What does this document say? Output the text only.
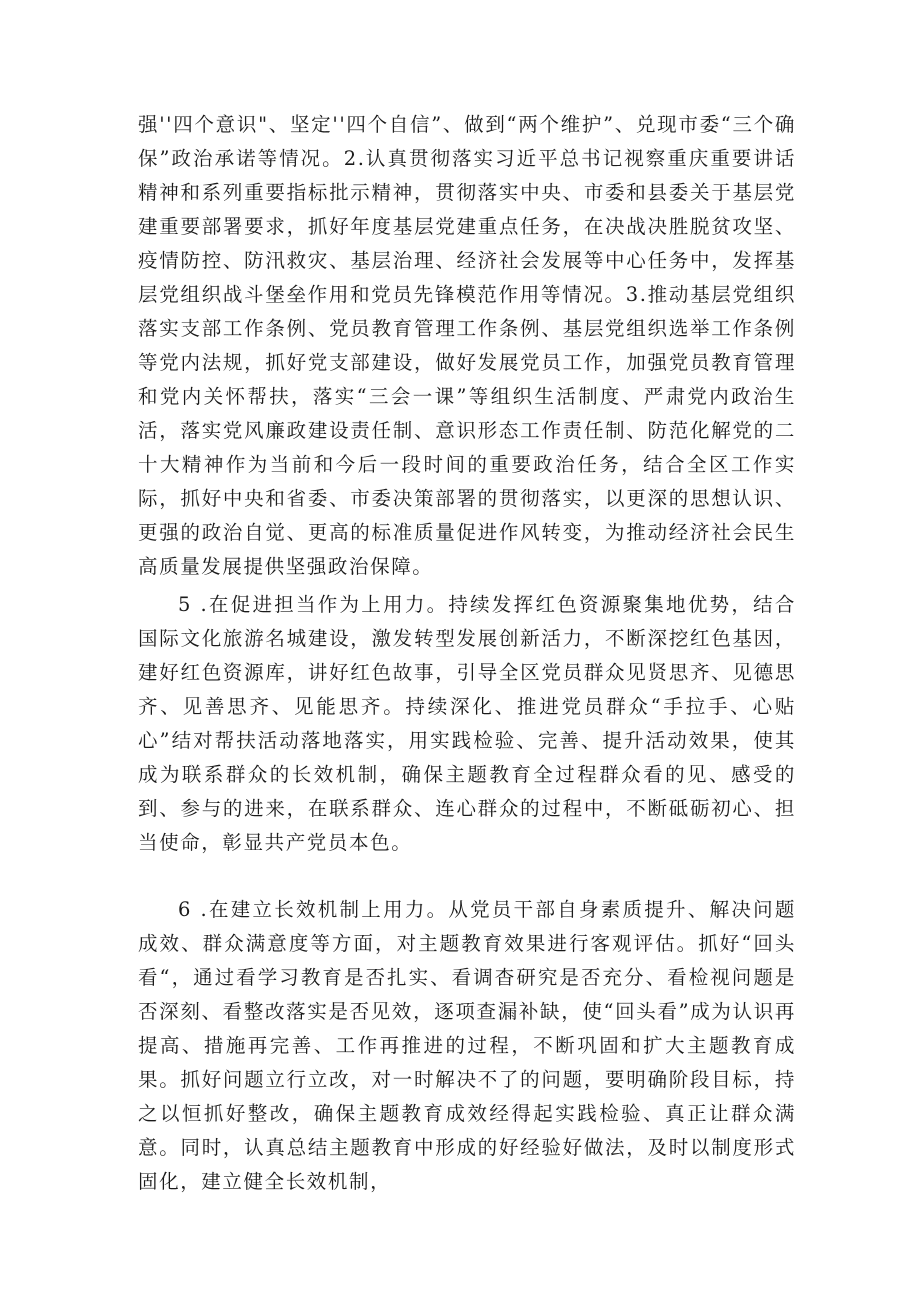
强''四个意识"、坚定''四个自信”、做到“两个维护”、兑现市委“三个确保”政治承诺等情况。2.认真贯彻落实习近平总书记视察重庆重要讲话精神和系列重要指标批示精神，贯彻落实中央、市委和县委关于基层党建重要部署要求，抓好年度基层党建重点任务，在决战决胜脱贫攻坚、疫情防控、防汛救灾、基层治理、经济社会发展等中心任务中，发挥基层党组织战斗堡垒作用和党员先锋模范作用等情况。3.推动基层党组织落实支部工作条例、党员教育管理工作条例、基层党组织选举工作条例等党内法规，抓好党支部建设，做好发展党员工作，加强党员教育管理和党内关怀帮扶，落实“三会一课”等组织生活制度、严肃党内政治生活，落实党风廉政建设责任制、意识形态工作责任制、防范化解党的二十大精神作为当前和今后一段时间的重要政治任务，结合全区工作实际，抓好中央和省委、市委决策部署的贯彻落实，以更深的思想认识、更强的政治自觉、更高的标准质量促进作风转变，为推动经济社会民生高质量发展提供坚强政治保障。

5 .在促进担当作为上用力。持续发挥红色资源聚集地优势，结合国际文化旅游名城建设，激发转型发展创新活力，不断深挖红色基因，建好红色资源库，讲好红色故事，引导全区党员群众见贤思齐、见德思齐、见善思齐、见能思齐。持续深化、推进党员群众“手拉手、心贴心”结对帮扶活动落地落实，用实践检验、完善、提升活动效果，使其成为联系群众的长效机制，确保主题教育全过程群众看的见、感受的到、参与的进来，在联系群众、连心群众的过程中，不断砥砺初心、担当使命，彰显共产党员本色。

6 .在建立长效机制上用力。从党员干部自身素质提升、解决问题成效、群众满意度等方面，对主题教育效果进行客观评估。抓好“回头看“，通过看学习教育是否扎实、看调杳研究是否充分、看检视问题是否深刻、看整改落实是否见效，逐项查漏补缺，使“回头看”成为认识再提高、措施再完善、工作再推进的过程，不断巩固和扩大主题教育成果。抓好问题立行立改，对一时解决不了的问题，要明确阶段目标，持之以恒抓好整改，确保主题教育成效经得起实践检验、真正让群众满意。同时，认真总结主题教育中形成的好经验好做法，及时以制度形式固化，建立健全长效机制，
